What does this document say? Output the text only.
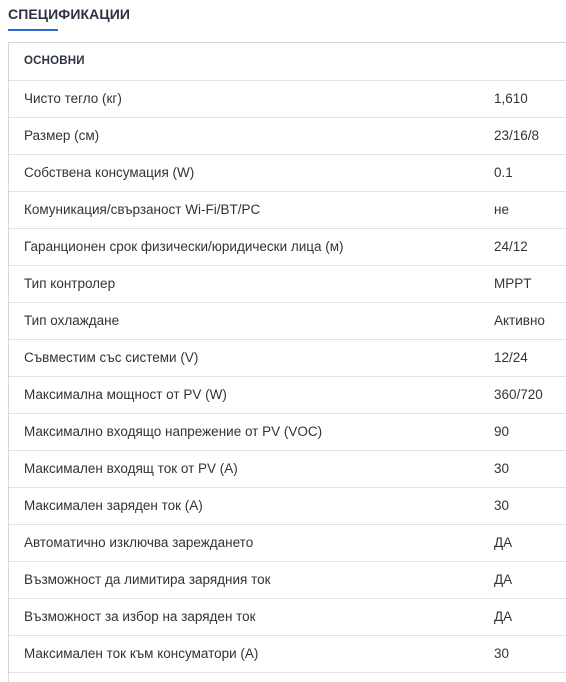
СПЕЦИФИКАЦИИ
ОСНОВНИ
Чисто тегло (кг)	1,610
Размер (см)	23/16/8
Собствена консумация (W)	0.1
Комуникация/свързаност Wi-Fi/BT/PC	не
Гаранционен срок физически/юридически лица (м)	24/12
Тип контролер	MPPT
Тип охлаждане	Активно
Съвместим със системи (V)	12/24
Максимална мощност от PV (W)	360/720
Максимално входящо напрежение от PV (VOC)	90
Максимален входящ ток от PV (A)	30
Максимален заряден ток (A)	30
Автоматично изключва зареждането	ДА
Възможност да лимитира зарядния ток	ДА
Възможност за избор на заряден ток	ДА
Максимален ток към консуматори (A)	30
